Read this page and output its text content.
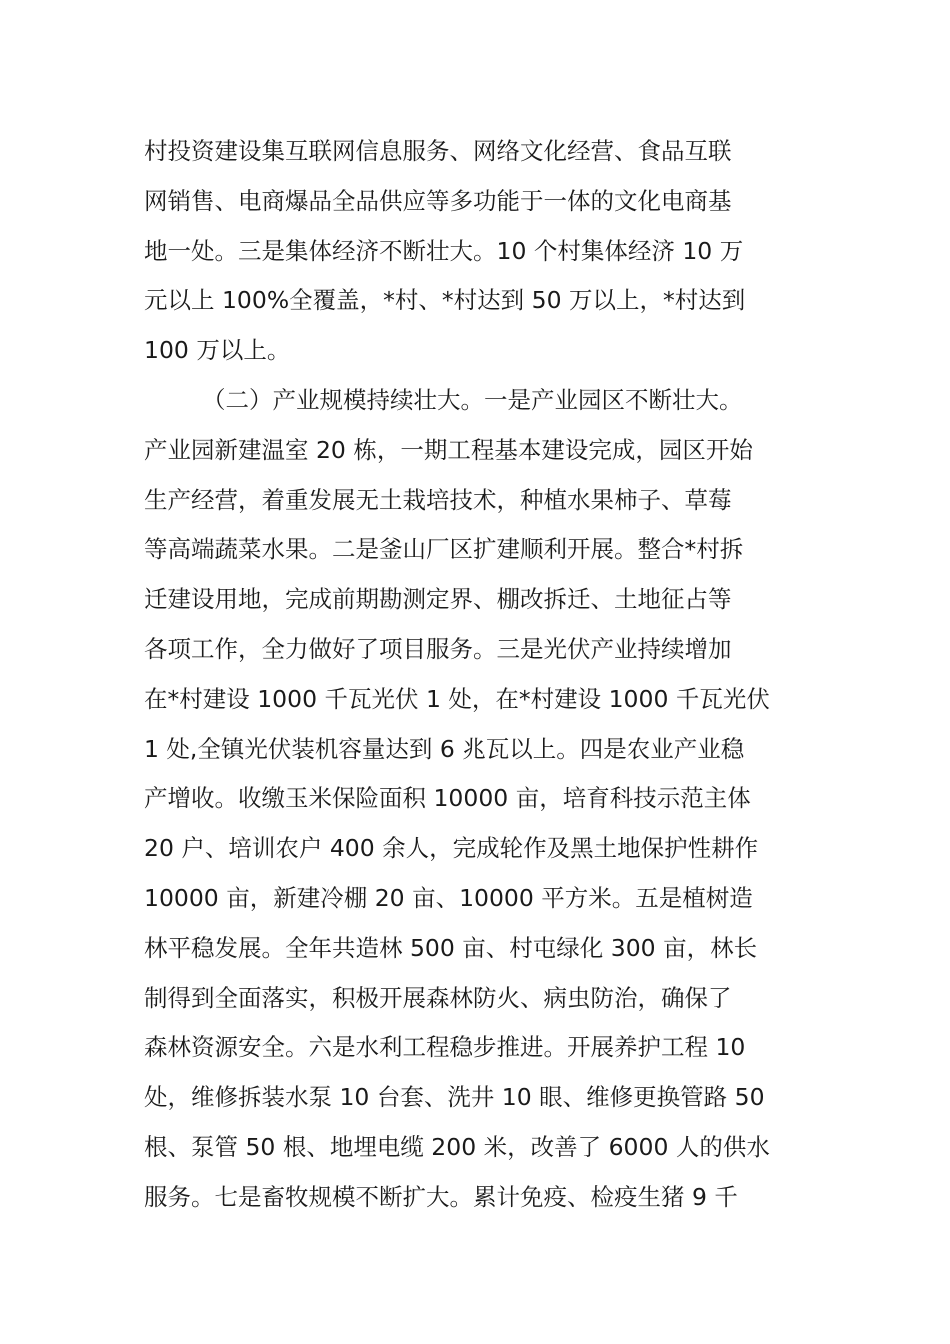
村投资建设集互联网信息服务、网络文化经营、食品互联
网销售、电商爆品全品供应等多功能于一体的文化电商基
地一处。三是集体经济不断壮大。10 个村集体经济 10 万
元以上 100%全覆盖，*村、*村达到 50 万以上，*村达到
100 万以上。
（二）产业规模持续壮大。一是产业园区不断壮大。
产业园新建温室 20 栋，一期工程基本建设完成，园区开始
生产经营，着重发展无土栽培技术，种植水果柿子、草莓
等高端蔬菜水果。二是釜山厂区扩建顺利开展。整合*村拆
迁建设用地，完成前期勘测定界、棚改拆迁、土地征占等
各项工作，全力做好了项目服务。三是光伏产业持续增加
在*村建设 1000 千瓦光伏 1 处，在*村建设 1000 千瓦光伏
1 处,全镇光伏装机容量达到 6 兆瓦以上。四是农业产业稳
产增收。收缴玉米保险面积 10000 亩，培育科技示范主体
20 户、培训农户 400 余人，完成轮作及黑土地保护性耕作
10000 亩，新建冷棚 20 亩、10000 平方米。五是植树造
林平稳发展。全年共造林 500 亩、村屯绿化 300 亩，林长
制得到全面落实，积极开展森林防火、病虫防治，确保了
森林资源安全。六是水利工程稳步推进。开展养护工程 10
处，维修拆装水泵 10 台套、洗井 10 眼、维修更换管路 50
根、泵管 50 根、地埋电缆 200 米，改善了 6000 人的供水
服务。七是畜牧规模不断扩大。累计免疫、检疫生猪 9 千
